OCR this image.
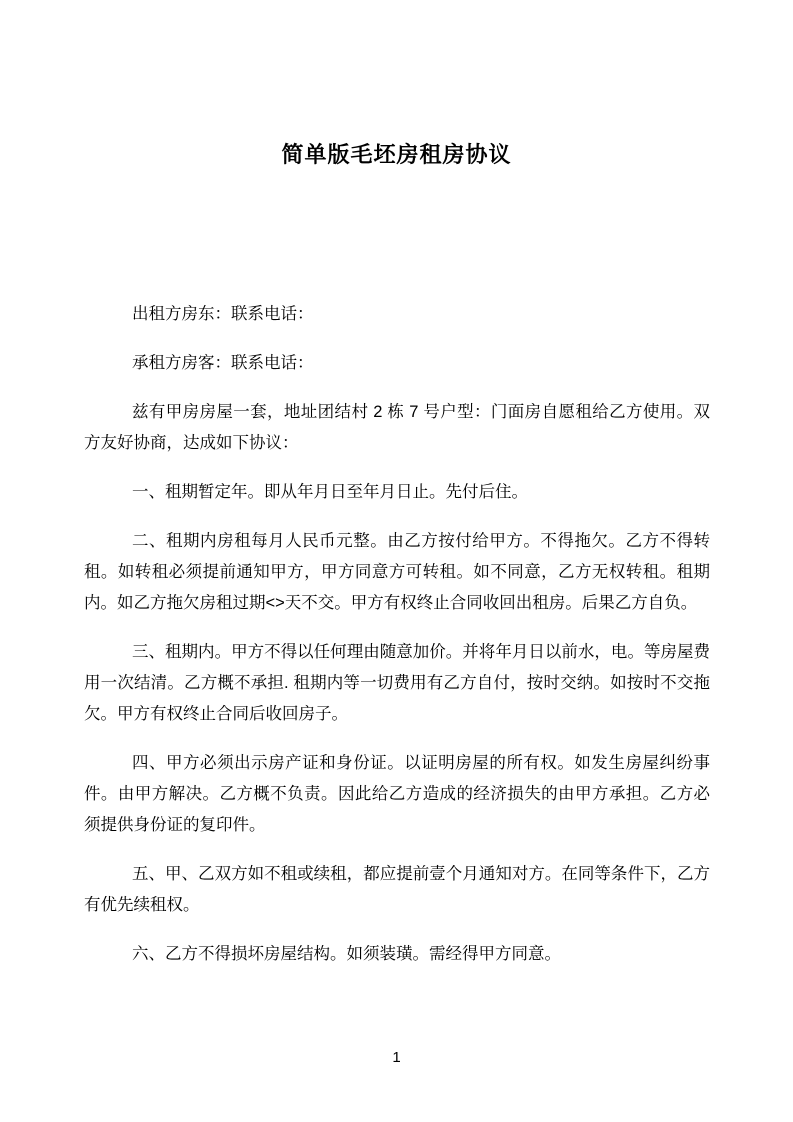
简单版毛坯房租房协议

出租方房东：联系电话：

承租方房客：联系电话：

兹有甲房房屋一套，地址团结村 2 栋 7 号户型：门面房自愿租给乙方使用。双方友好协商，达成如下协议：

一、租期暂定年。即从年月日至年月日止。先付后住。

二、租期内房租每月人民币元整。由乙方按付给甲方。不得拖欠。乙方不得转租。如转租必须提前通知甲方，甲方同意方可转租。如不同意，乙方无权转租。租期内。如乙方拖欠房租过期<>天不交。甲方有权终止合同收回出租房。后果乙方自负。

三、租期内。甲方不得以任何理由随意加价。并将年月日以前水，电。等房屋费用一次结清。乙方概不承担. 租期内等一切费用有乙方自付，按时交纳。如按时不交拖欠。甲方有权终止合同后收回房子。

四、甲方必须出示房产证和身份证。以证明房屋的所有权。如发生房屋纠纷事件。由甲方解决。乙方概不负责。因此给乙方造成的经济损失的由甲方承担。乙方必须提供身份证的复印件。

五、甲、乙双方如不租或续租，都应提前壹个月通知对方。在同等条件下，乙方有优先续租权。

六、乙方不得损坏房屋结构。如须装璜。需经得甲方同意。

1
